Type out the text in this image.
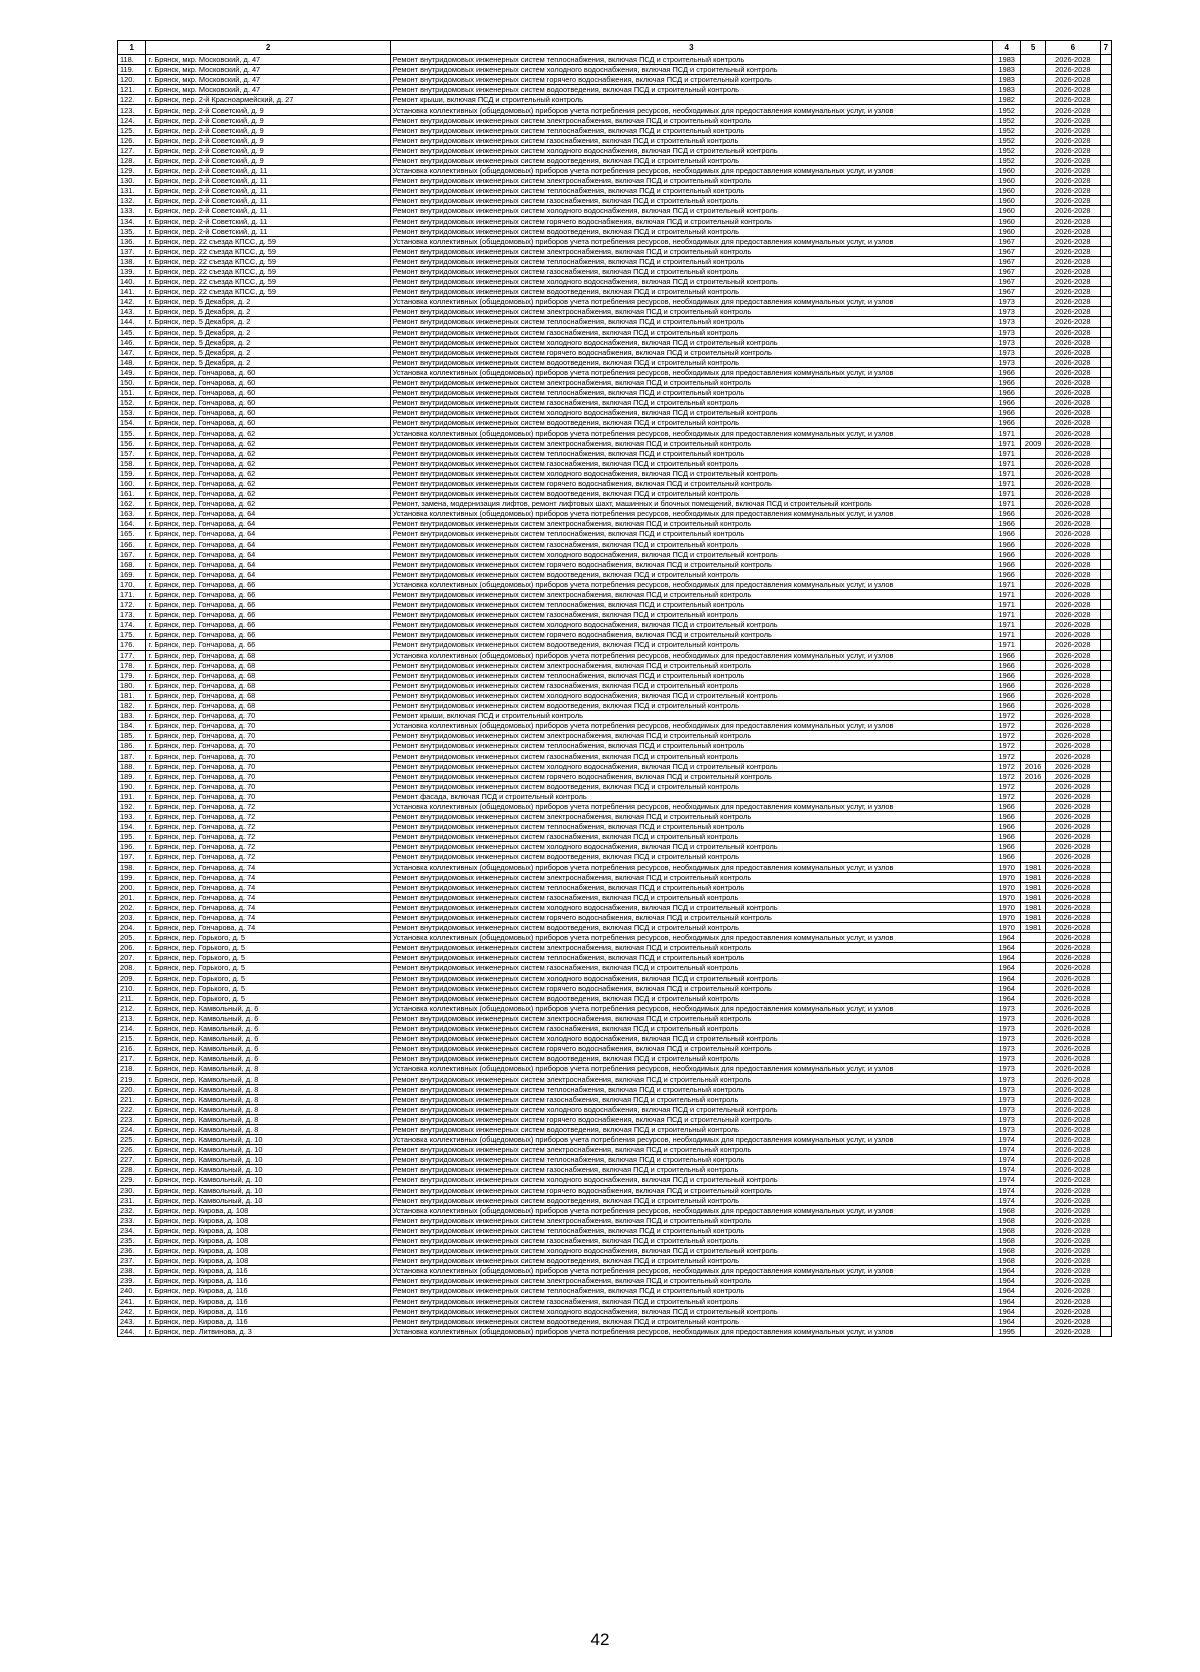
1	2	3	4	5	6	7
118.	г. Брянск, мкр. Московский, д. 47	Ремонт внутридомовых инженерных систем теплоснабжения, включая ПСД и строительный контроль	1983		2026-2028	
119.	г. Брянск, мкр. Московский, д. 47	Ремонт внутридомовых инженерных систем холодного водоснабжения, включая ПСД и строительный контроль	1983		2026-2028	
120.	г. Брянск, мкр. Московский, д. 47	Ремонт внутридомовых инженерных систем горячего водоснабжения, включая ПСД и строительный контроль	1983		2026-2028	
121.	г. Брянск, мкр. Московский, д. 47	Ремонт внутридомовых инженерных систем водоотведения, включая ПСД и строительный контроль	1983		2026-2028	
122.	г. Брянск, пер. 2-й Красноармейский, д. 27	Ремонт крыши, включая ПСД и строительный контроль	1982		2026-2028	
123.	г. Брянск, пер. 2-й Советский, д. 9	Установка коллективных (общедомовых) приборов учета потребления ресурсов, необходимых для предоставления коммунальных услуг, и узлов	1952		2026-2028	
124.	г. Брянск, пер. 2-й Советский, д. 9	Ремонт внутридомовых инженерных систем электроснабжения, включая ПСД и строительный контроль	1952		2026-2028	
125.	г. Брянск, пер. 2-й Советский, д. 9	Ремонт внутридомовых инженерных систем теплоснабжения, включая ПСД и строительный контроль	1952		2026-2028	
126.	г. Брянск, пер. 2-й Советский, д. 9	Ремонт внутридомовых инженерных систем газоснабжения, включая ПСД и строительный контроль	1952		2026-2028	
127.	г. Брянск, пер. 2-й Советский, д. 9	Ремонт внутридомовых инженерных систем холодного водоснабжения, включая ПСД и строительный контроль	1952		2026-2028	
128.	г. Брянск, пер. 2-й Советский, д. 9	Ремонт внутридомовых инженерных систем водоотведения, включая ПСД и строительный контроль	1952		2026-2028	
129.	г. Брянск, пер. 2-й Советский, д. 11	Установка коллективных (общедомовых) приборов учета потребления ресурсов, необходимых для предоставления коммунальных услуг, и узлов	1960		2026-2028	
130.	г. Брянск, пер. 2-й Советский, д. 11	Ремонт внутридомовых инженерных систем электроснабжения, включая ПСД и строительный контроль	1960		2026-2028	
131.	г. Брянск, пер. 2-й Советский, д. 11	Ремонт внутридомовых инженерных систем теплоснабжения, включая ПСД и строительный контроль	1960		2026-2028	
132.	г. Брянск, пер. 2-й Советский, д. 11	Ремонт внутридомовых инженерных систем газоснабжения, включая ПСД и строительный контроль	1960		2026-2028	
133.	г. Брянск, пер. 2-й Советский, д. 11	Ремонт внутридомовых инженерных систем холодного водоснабжения, включая ПСД и строительный контроль	1960		2026-2028	
134.	г. Брянск, пер. 2-й Советский, д. 11	Ремонт внутридомовых инженерных систем горячего водоснабжения, включая ПСД и строительный контроль	1960		2026-2028	
135.	г. Брянск, пер. 2-й Советский, д. 11	Ремонт внутридомовых инженерных систем водоотведения, включая ПСД и строительный контроль	1960		2026-2028	
136.	г. Брянск, пер. 22 съезда КПСС, д. 59	Установка коллективных (общедомовых) приборов учета потребления ресурсов, необходимых для предоставления коммунальных услуг, и узлов	1967		2026-2028	
137.	г. Брянск, пер. 22 съезда КПСС, д. 59	Ремонт внутридомовых инженерных систем электроснабжения, включая ПСД и строительный контроль	1967		2026-2028	
138.	г. Брянск, пер. 22 съезда КПСС, д. 59	Ремонт внутридомовых инженерных систем теплоснабжения, включая ПСД и строительный контроль	1967		2026-2028	
139.	г. Брянск, пер. 22 съезда КПСС, д. 59	Ремонт внутридомовых инженерных систем газоснабжения, включая ПСД и строительный контроль	1967		2026-2028	
140.	г. Брянск, пер. 22 съезда КПСС, д. 59	Ремонт внутридомовых инженерных систем холодного водоснабжения, включая ПСД и строительный контроль	1967		2026-2028	
141.	г. Брянск, пер. 22 съезда КПСС, д. 59	Ремонт внутридомовых инженерных систем водоотведения, включая ПСД и строительный контроль	1967		2026-2028	
142.	г. Брянск, пер. 5 Декабря, д. 2	Установка коллективных (общедомовых) приборов учета потребления ресурсов, необходимых для предоставления коммунальных услуг, и узлов	1973		2026-2028	
143.	г. Брянск, пер. 5 Декабря, д. 2	Ремонт внутридомовых инженерных систем электроснабжения, включая ПСД и строительный контроль	1973		2026-2028	
144.	г. Брянск, пер. 5 Декабря, д. 2	Ремонт внутридомовых инженерных систем теплоснабжения, включая ПСД и строительный контроль	1973		2026-2028	
145.	г. Брянск, пер. 5 Декабря, д. 2	Ремонт внутридомовых инженерных систем газоснабжения, включая ПСД и строительный контроль	1973		2026-2028	
146.	г. Брянск, пер. 5 Декабря, д. 2	Ремонт внутридомовых инженерных систем холодного водоснабжения, включая ПСД и строительный контроль	1973		2026-2028	
147.	г. Брянск, пер. 5 Декабря, д. 2	Ремонт внутридомовых инженерных систем горячего водоснабжения, включая ПСД и строительный контроль	1973		2026-2028	
148.	г. Брянск, пер. 5 Декабря, д. 2	Ремонт внутридомовых инженерных систем водоотведения, включая ПСД и строительный контроль	1973		2026-2028	
149.	г. Брянск, пер. Гончарова, д. 60	Установка коллективных (общедомовых) приборов учета потребления ресурсов, необходимых для предоставления коммунальных услуг, и узлов	1966		2026-2028	
150.	г. Брянск, пер. Гончарова, д. 60	Ремонт внутридомовых инженерных систем электроснабжения, включая ПСД и строительный контроль	1966		2026-2028	
151.	г. Брянск, пер. Гончарова, д. 60	Ремонт внутридомовых инженерных систем теплоснабжения, включая ПСД и строительный контроль	1966		2026-2028	
152.	г. Брянск, пер. Гончарова, д. 60	Ремонт внутридомовых инженерных систем газоснабжения, включая ПСД и строительный контроль	1966		2026-2028	
153.	г. Брянск, пер. Гончарова, д. 60	Ремонт внутридомовых инженерных систем холодного водоснабжения, включая ПСД и строительный контроль	1966		2026-2028	
154.	г. Брянск, пер. Гончарова, д. 60	Ремонт внутридомовых инженерных систем водоотведения, включая ПСД и строительный контроль	1966		2026-2028	
155.	г. Брянск, пер. Гончарова, д. 62	Установка коллективных (общедомовых) приборов учета потребления ресурсов, необходимых для предоставления коммунальных услуг, и узлов	1971		2026-2028	
156.	г. Брянск, пер. Гончарова, д. 62	Ремонт внутридомовых инженерных систем электроснабжения, включая ПСД и строительный контроль	1971	2009	2026-2028	
157.	г. Брянск, пер. Гончарова, д. 62	Ремонт внутридомовых инженерных систем теплоснабжения, включая ПСД и строительный контроль	1971		2026-2028	
158.	г. Брянск, пер. Гончарова, д. 62	Ремонт внутридомовых инженерных систем газоснабжения, включая ПСД и строительный контроль	1971		2026-2028	
159.	г. Брянск, пер. Гончарова, д. 62	Ремонт внутридомовых инженерных систем холодного водоснабжения, включая ПСД и строительный контроль	1971		2026-2028	
160.	г. Брянск, пер. Гончарова, д. 62	Ремонт внутридомовых инженерных систем горячего водоснабжения, включая ПСД и строительный контроль	1971		2026-2028	
161.	г. Брянск, пер. Гончарова, д. 62	Ремонт внутридомовых инженерных систем водоотведения, включая ПСД и строительный контроль	1971		2026-2028	
162.	г. Брянск, пер. Гончарова, д. 62	Ремонт, замена, модернизация лифтов, ремонт лифтовых шахт, машинных и блочных помещений, включая ПСД и строительный контроль	1971		2026-2028	
163.	г. Брянск, пер. Гончарова, д. 64	Установка коллективных (общедомовых) приборов учета потребления ресурсов, необходимых для предоставления коммунальных услуг, и узлов	1966		2026-2028	
164.	г. Брянск, пер. Гончарова, д. 64	Ремонт внутридомовых инженерных систем электроснабжения, включая ПСД и строительный контроль	1966		2026-2028	
165.	г. Брянск, пер. Гончарова, д. 64	Ремонт внутридомовых инженерных систем теплоснабжения, включая ПСД и строительный контроль	1966		2026-2028	
166.	г. Брянск, пер. Гончарова, д. 64	Ремонт внутридомовых инженерных систем газоснабжения, включая ПСД и строительный контроль	1966		2026-2028	
167.	г. Брянск, пер. Гончарова, д. 64	Ремонт внутридомовых инженерных систем холодного водоснабжения, включая ПСД и строительный контроль	1966		2026-2028	
168.	г. Брянск, пер. Гончарова, д. 64	Ремонт внутридомовых инженерных систем горячего водоснабжения, включая ПСД и строительный контроль	1966		2026-2028	
169.	г. Брянск, пер. Гончарова, д. 64	Ремонт внутридомовых инженерных систем водоотведения, включая ПСД и строительный контроль	1966		2026-2028	
170.	г. Брянск, пер. Гончарова, д. 66	Установка коллективных (общедомовых) приборов учета потребления ресурсов, необходимых для предоставления коммунальных услуг, и узлов	1971		2026-2028	
171.	г. Брянск, пер. Гончарова, д. 66	Ремонт внутридомовых инженерных систем электроснабжения, включая ПСД и строительный контроль	1971		2026-2028	
172.	г. Брянск, пер. Гончарова, д. 66	Ремонт внутридомовых инженерных систем теплоснабжения, включая ПСД и строительный контроль	1971		2026-2028	
173.	г. Брянск, пер. Гончарова, д. 66	Ремонт внутридомовых инженерных систем газоснабжения, включая ПСД и строительный контроль	1971		2026-2028	
174.	г. Брянск, пер. Гончарова, д. 66	Ремонт внутридомовых инженерных систем холодного водоснабжения, включая ПСД и строительный контроль	1971		2026-2028	
175.	г. Брянск, пер. Гончарова, д. 66	Ремонт внутридомовых инженерных систем горячего водоснабжения, включая ПСД и строительный контроль	1971		2026-2028	
176.	г. Брянск, пер. Гончарова, д. 66	Ремонт внутридомовых инженерных систем водоотведения, включая ПСД и строительный контроль	1971		2026-2028	
177.	г. Брянск, пер. Гончарова, д. 68	Установка коллективных (общедомовых) приборов учета потребления ресурсов, необходимых для предоставления коммунальных услуг, и узлов	1966		2026-2028	
178.	г. Брянск, пер. Гончарова, д. 68	Ремонт внутридомовых инженерных систем электроснабжения, включая ПСД и строительный контроль	1966		2026-2028	
179.	г. Брянск, пер. Гончарова, д. 68	Ремонт внутридомовых инженерных систем теплоснабжения, включая ПСД и строительный контроль	1966		2026-2028	
180.	г. Брянск, пер. Гончарова, д. 68	Ремонт внутридомовых инженерных систем газоснабжения, включая ПСД и строительный контроль	1966		2026-2028	
181.	г. Брянск, пер. Гончарова, д. 68	Ремонт внутридомовых инженерных систем холодного водоснабжения, включая ПСД и строительный контроль	1966		2026-2028	
182.	г. Брянск, пер. Гончарова, д. 68	Ремонт внутридомовых инженерных систем водоотведения, включая ПСД и строительный контроль	1966		2026-2028	
183.	г. Брянск, пер. Гончарова, д. 70	Ремонт крыши, включая ПСД и строительный контроль	1972		2026-2028	
184.	г. Брянск, пер. Гончарова, д. 70	Установка коллективных (общедомовых) приборов учета потребления ресурсов, необходимых для предоставления коммунальных услуг, и узлов	1972		2026-2028	
185.	г. Брянск, пер. Гончарова, д. 70	Ремонт внутридомовых инженерных систем электроснабжения, включая ПСД и строительный контроль	1972		2026-2028	
186.	г. Брянск, пер. Гончарова, д. 70	Ремонт внутридомовых инженерных систем теплоснабжения, включая ПСД и строительный контроль	1972		2026-2028	
187.	г. Брянск, пер. Гончарова, д. 70	Ремонт внутридомовых инженерных систем газоснабжения, включая ПСД и строительный контроль	1972		2026-2028	
188.	г. Брянск, пер. Гончарова, д. 70	Ремонт внутридомовых инженерных систем холодного водоснабжения, включая ПСД и строительный контроль	1972	2016	2026-2028	
189.	г. Брянск, пер. Гончарова, д. 70	Ремонт внутридомовых инженерных систем горячего водоснабжения, включая ПСД и строительный контроль	1972	2016	2026-2028	
190.	г. Брянск, пер. Гончарова, д. 70	Ремонт внутридомовых инженерных систем водоотведения, включая ПСД и строительный контроль	1972		2026-2028	
191.	г. Брянск, пер. Гончарова, д. 70	Ремонт фасада, включая ПСД и строительный контроль	1972		2026-2028	
192.	г. Брянск, пер. Гончарова, д. 72	Установка коллективных (общедомовых) приборов учета потребления ресурсов, необходимых для предоставления коммунальных услуг, и узлов	1966		2026-2028	
193.	г. Брянск, пер. Гончарова, д. 72	Ремонт внутридомовых инженерных систем электроснабжения, включая ПСД и строительный контроль	1966		2026-2028	
194.	г. Брянск, пер. Гончарова, д. 72	Ремонт внутридомовых инженерных систем теплоснабжения, включая ПСД и строительный контроль	1966		2026-2028	
195.	г. Брянск, пер. Гончарова, д. 72	Ремонт внутридомовых инженерных систем газоснабжения, включая ПСД и строительный контроль	1966		2026-2028	
196.	г. Брянск, пер. Гончарова, д. 72	Ремонт внутридомовых инженерных систем холодного водоснабжения, включая ПСД и строительный контроль	1966		2026-2028	
197.	г. Брянск, пер. Гончарова, д. 72	Ремонт внутридомовых инженерных систем водоотведения, включая ПСД и строительный контроль	1966		2026-2028	
198.	г. Брянск, пер. Гончарова, д. 74	Установка коллективных (общедомовых) приборов учета потребления ресурсов, необходимых для предоставления коммунальных услуг, и узлов	1970	1981	2026-2028	
199.	г. Брянск, пер. Гончарова, д. 74	Ремонт внутридомовых инженерных систем электроснабжения, включая ПСД и строительный контроль	1970	1981	2026-2028	
200.	г. Брянск, пер. Гончарова, д. 74	Ремонт внутридомовых инженерных систем теплоснабжения, включая ПСД и строительный контроль	1970	1981	2026-2028	
201.	г. Брянск, пер. Гончарова, д. 74	Ремонт внутридомовых инженерных систем газоснабжения, включая ПСД и строительный контроль	1970	1981	2026-2028	
202.	г. Брянск, пер. Гончарова, д. 74	Ремонт внутридомовых инженерных систем холодного водоснабжения, включая ПСД и строительный контроль	1970	1981	2026-2028	
203.	г. Брянск, пер. Гончарова, д. 74	Ремонт внутридомовых инженерных систем горячего водоснабжения, включая ПСД и строительный контроль	1970	1981	2026-2028	
204.	г. Брянск, пер. Гончарова, д. 74	Ремонт внутридомовых инженерных систем водоотведения, включая ПСД и строительный контроль	1970	1981	2026-2028	
205.	г. Брянск, пер. Горького, д. 5	Установка коллективных (общедомовых) приборов учета потребления ресурсов, необходимых для предоставления коммунальных услуг, и узлов	1964		2026-2028	
206.	г. Брянск, пер. Горького, д. 5	Ремонт внутридомовых инженерных систем электроснабжения, включая ПСД и строительный контроль	1964		2026-2028	
207.	г. Брянск, пер. Горького, д. 5	Ремонт внутридомовых инженерных систем теплоснабжения, включая ПСД и строительный контроль	1964		2026-2028	
208.	г. Брянск, пер. Горького, д. 5	Ремонт внутридомовых инженерных систем газоснабжения, включая ПСД и строительный контроль	1964		2026-2028	
209.	г. Брянск, пер. Горького, д. 5	Ремонт внутридомовых инженерных систем холодного водоснабжения, включая ПСД и строительный контроль	1964		2026-2028	
210.	г. Брянск, пер. Горького, д. 5	Ремонт внутридомовых инженерных систем горячего водоснабжения, включая ПСД и строительный контроль	1964		2026-2028	
211.	г. Брянск, пер. Горького, д. 5	Ремонт внутридомовых инженерных систем водоотведения, включая ПСД и строительный контроль	1964		2026-2028	
212.	г. Брянск, пер. Камвольный, д. 6	Установка коллективных (общедомовых) приборов учета потребления ресурсов, необходимых для предоставления коммунальных услуг, и узлов	1973		2026-2028	
213.	г. Брянск, пер. Камвольный, д. 6	Ремонт внутридомовых инженерных систем электроснабжения, включая ПСД и строительный контроль	1973		2026-2028	
214.	г. Брянск, пер. Камвольный, д. 6	Ремонт внутридомовых инженерных систем газоснабжения, включая ПСД и строительный контроль	1973		2026-2028	
215.	г. Брянск, пер. Камвольный, д. 6	Ремонт внутридомовых инженерных систем холодного водоснабжения, включая ПСД и строительный контроль	1973		2026-2028	
216.	г. Брянск, пер. Камвольный, д. 6	Ремонт внутридомовых инженерных систем горячего водоснабжения, включая ПСД и строительный контроль	1973		2026-2028	
217.	г. Брянск, пер. Камвольный, д. 6	Ремонт внутридомовых инженерных систем водоотведения, включая ПСД и строительный контроль	1973		2026-2028	
218.	г. Брянск, пер. Камвольный, д. 8	Установка коллективных (общедомовых) приборов учета потребления ресурсов, необходимых для предоставления коммунальных услуг, и узлов	1973		2026-2028	
219.	г. Брянск, пер. Камвольный, д. 8	Ремонт внутридомовых инженерных систем электроснабжения, включая ПСД и строительный контроль	1973		2026-2028	
220.	г. Брянск, пер. Камвольный, д. 8	Ремонт внутридомовых инженерных систем теплоснабжения, включая ПСД и строительный контроль	1973		2026-2028	
221.	г. Брянск, пер. Камвольный, д. 8	Ремонт внутридомовых инженерных систем газоснабжения, включая ПСД и строительный контроль	1973		2026-2028	
222.	г. Брянск, пер. Камвольный, д. 8	Ремонт внутридомовых инженерных систем холодного водоснабжения, включая ПСД и строительный контроль	1973		2026-2028	
223.	г. Брянск, пер. Камвольный, д. 8	Ремонт внутридомовых инженерных систем горячего водоснабжения, включая ПСД и строительный контроль	1973		2026-2028	
224.	г. Брянск, пер. Камвольный, д. 8	Ремонт внутридомовых инженерных систем водоотведения, включая ПСД и строительный контроль	1973		2026-2028	
225.	г. Брянск, пер. Камвольный, д. 10	Установка коллективных (общедомовых) приборов учета потребления ресурсов, необходимых для предоставления коммунальных услуг, и узлов	1974		2026-2028	
226.	г. Брянск, пер. Камвольный, д. 10	Ремонт внутридомовых инженерных систем электроснабжения, включая ПСД и строительный контроль	1974		2026-2028	
227.	г. Брянск, пер. Камвольный, д. 10	Ремонт внутридомовых инженерных систем теплоснабжения, включая ПСД и строительный контроль	1974		2026-2028	
228.	г. Брянск, пер. Камвольный, д. 10	Ремонт внутридомовых инженерных систем газоснабжения, включая ПСД и строительный контроль	1974		2026-2028	
229.	г. Брянск, пер. Камвольный, д. 10	Ремонт внутридомовых инженерных систем холодного водоснабжения, включая ПСД и строительный контроль	1974		2026-2028	
230.	г. Брянск, пер. Камвольный, д. 10	Ремонт внутридомовых инженерных систем горячего водоснабжения, включая ПСД и строительный контроль	1974		2026-2028	
231.	г. Брянск, пер. Камвольный, д. 10	Ремонт внутридомовых инженерных систем водоотведения, включая ПСД и строительный контроль	1974		2026-2028	
232.	г. Брянск, пер. Кирова, д. 108	Установка коллективных (общедомовых) приборов учета потребления ресурсов, необходимых для предоставления коммунальных услуг, и узлов	1968		2026-2028	
233.	г. Брянск, пер. Кирова, д. 108	Ремонт внутридомовых инженерных систем электроснабжения, включая ПСД и строительный контроль	1968		2026-2028	
234.	г. Брянск, пер. Кирова, д. 108	Ремонт внутридомовых инженерных систем теплоснабжения, включая ПСД и строительный контроль	1968		2026-2028	
235.	г. Брянск, пер. Кирова, д. 108	Ремонт внутридомовых инженерных систем газоснабжения, включая ПСД и строительный контроль	1968		2026-2028	
236.	г. Брянск, пер. Кирова, д. 108	Ремонт внутридомовых инженерных систем холодного водоснабжения, включая ПСД и строительный контроль	1968		2026-2028	
237.	г. Брянск, пер. Кирова, д. 108	Ремонт внутридомовых инженерных систем водоотведения, включая ПСД и строительный контроль	1968		2026-2028	
238.	г. Брянск, пер. Кирова, д. 116	Установка коллективных (общедомовых) приборов учета потребления ресурсов, необходимых для предоставления коммунальных услуг, и узлов	1964		2026-2028	
239.	г. Брянск, пер. Кирова, д. 116	Ремонт внутридомовых инженерных систем электроснабжения, включая ПСД и строительный контроль	1964		2026-2028	
240.	г. Брянск, пер. Кирова, д. 116	Ремонт внутридомовых инженерных систем теплоснабжения, включая ПСД и строительный контроль	1964		2026-2028	
241.	г. Брянск, пер. Кирова, д. 116	Ремонт внутридомовых инженерных систем газоснабжения, включая ПСД и строительный контроль	1964		2026-2028	
242.	г. Брянск, пер. Кирова, д. 116	Ремонт внутридомовых инженерных систем холодного водоснабжения, включая ПСД и строительный контроль	1964		2026-2028	
243.	г. Брянск, пер. Кирова, д. 116	Ремонт внутридомовых инженерных систем водоотведения, включая ПСД и строительный контроль	1964		2026-2028	
244.	г. Брянск, пер. Литвинова, д. 3	Установка коллективных (общедомовых) приборов учета потребления ресурсов, необходимых для предоставления коммунальных услуг, и узлов	1995		2026-2028	
42
